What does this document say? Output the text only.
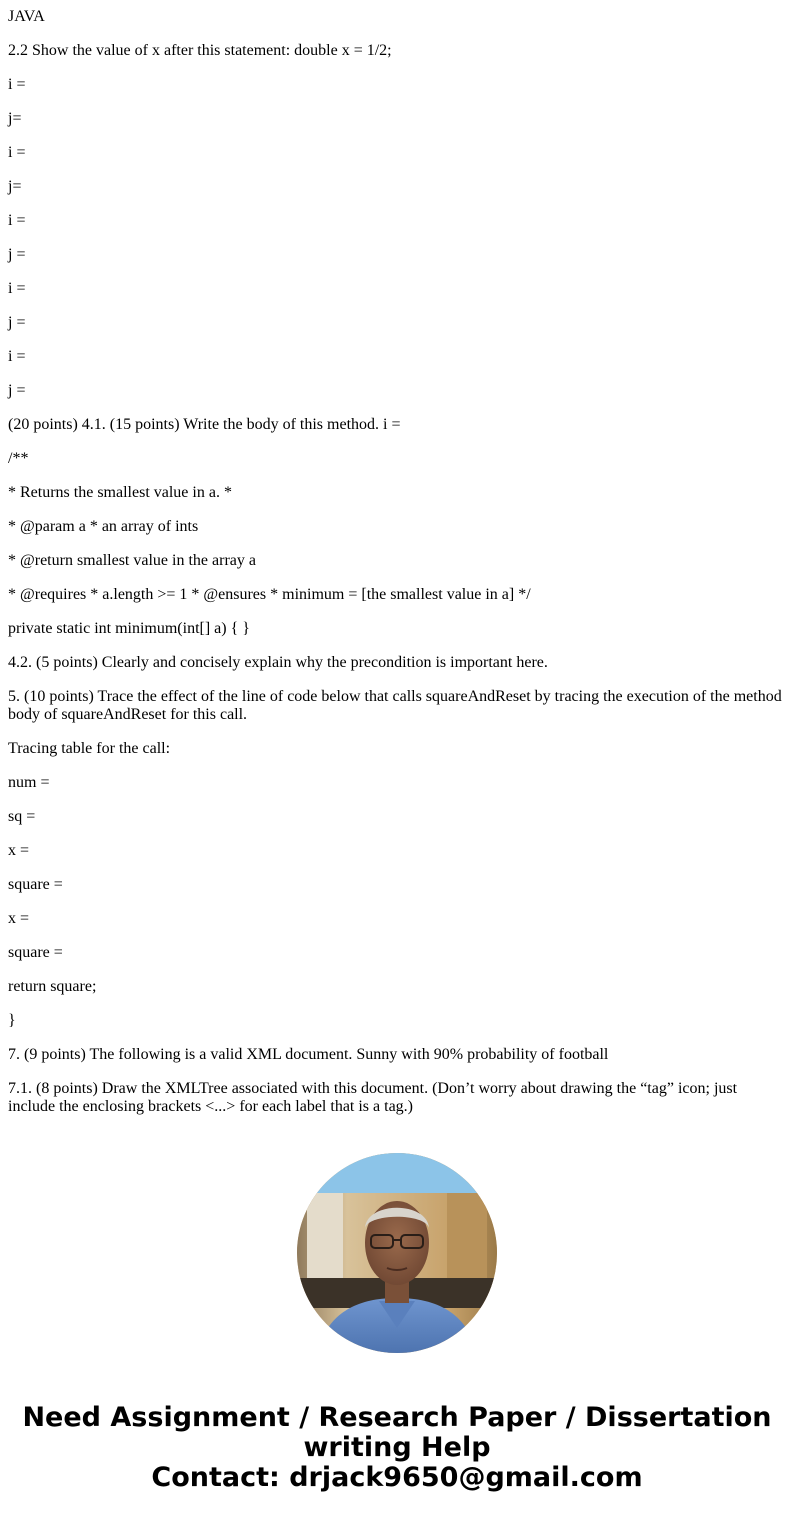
JAVA

2.2 Show the value of x after this statement: double x = 1/2;

i =

j=

i =

j=

i =

j =

i =

j =

i =

j =

(20 points) 4.1. (15 points) Write the body of this method. i =

/**

* Returns the smallest value in a. *

* @param a * an array of ints

* @return smallest value in the array a

* @requires * a.length >= 1 * @ensures * minimum = [the smallest value in a] */

private static int minimum(int[] a) { }

4.2. (5 points) Clearly and concisely explain why the precondition is important here.

5. (10 points) Trace the effect of the line of code below that calls squareAndReset by tracing the execution of the method body of squareAndReset for this call.

Tracing table for the call:

num =

sq =

x =

square =

x =

square =

return square;

}

7. (9 points) The following is a valid XML document. Sunny with 90% probability of football

7.1. (8 points) Draw the XMLTree associated with this document. (Don’t worry about drawing the “tag” icon; just include the enclosing brackets <...> for each label that is a tag.)

Need Assignment / Research Paper / Dissertation
writing Help
Contact: drjack9650@gmail.com
